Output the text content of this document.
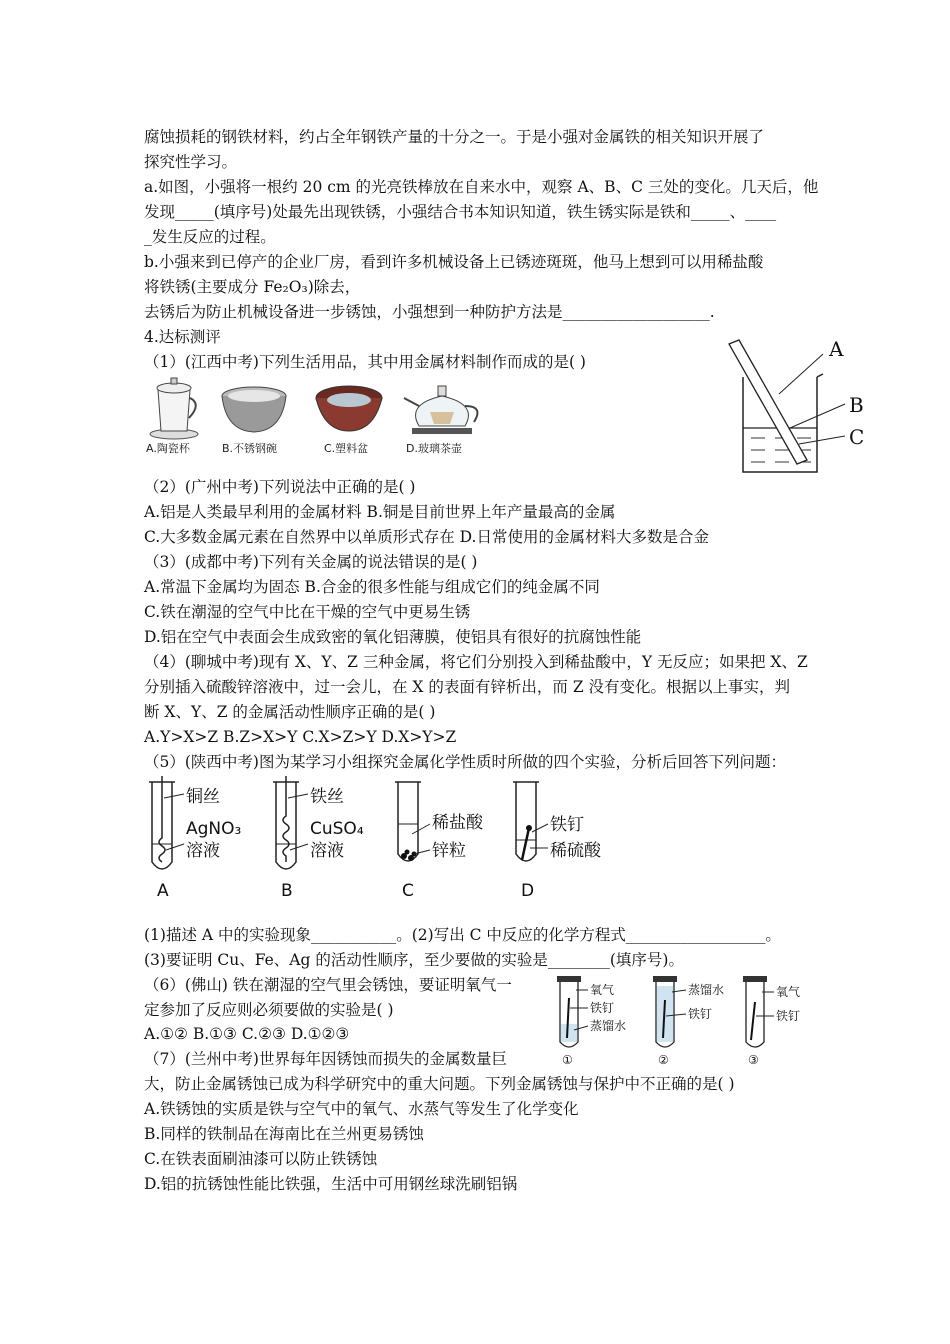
腐蚀损耗的钢铁材料，约占全年钢铁产量的十分之一。于是小强对金属铁的相关知识开展了
探究性学习。
a.如图，小强将一根约 20 cm 的光亮铁棒放在自来水中，观察 A、B、C 三处的变化。几天后，他
发现_____(填序号)处最先出现铁锈，小强结合书本知识知道，铁生锈实际是铁和_____、____
_发生反应的过程。
b.小强来到已停产的企业厂房，看到许多机械设备上已锈迹斑斑，他马上想到可以用稀盐酸
将铁锈(主要成分 Fe₂O₃)除去，
去锈后为防止机械设备进一步锈蚀，小强想到一种防护方法是___________________.
4.达标测评
（1）(江西中考)下列生活用品，其中用金属材料制作而成的是( )
A.陶瓷杯	B.不锈钢碗	C.塑料盆	D.玻璃茶壶
A
B
C
（2）(广州中考)下列说法中正确的是( )
A.铝是人类最早利用的金属材料 B.铜是目前世界上年产量最高的金属
C.大多数金属元素在自然界中以单质形式存在 D.日常使用的金属材料大多数是合金
（3）(成都中考)下列有关金属的说法错误的是( )
A.常温下金属均为固态 B.合金的很多性能与组成它们的纯金属不同
C.铁在潮湿的空气中比在干燥的空气中更易生锈
D.铝在空气中表面会生成致密的氧化铝薄膜，使铝具有很好的抗腐蚀性能
（4）(聊城中考)现有 X、Y、Z 三种金属，将它们分别投入到稀盐酸中，Y 无反应；如果把 X、Z
分别插入硫酸锌溶液中，过一会儿，在 X 的表面有锌析出，而 Z 没有变化。根据以上事实，判
断 X、Y、Z 的金属活动性顺序正确的是( )
A.Y>X>Z B.Z>X>Y C.X>Z>Y D.X>Y>Z
（5）(陕西中考)图为某学习小组探究金属化学性质时所做的四个实验，分析后回答下列问题：
铜丝
AgNO₃
溶液
A
铁丝
CuSO₄
溶液
B
稀盐酸
锌粒
C
铁钉
稀硫酸
D
(1)描述 A 中的实验现象___________。(2)写出 C 中反应的化学方程式__________________。
(3)要证明 Cu、Fe、Ag 的活动性顺序，至少要做的实验是________(填序号)。
（6）(佛山) 铁在潮湿的空气里会锈蚀，要证明氧气一
定参加了反应则必须要做的实验是( )
A.①② B.①③ C.②③ D.①②③
氧气
铁钉
蒸馏水
①
蒸馏水
铁钉
②
氧气
铁钉
③
（7）(兰州中考)世界每年因锈蚀而损失的金属数量巨
大，防止金属锈蚀已成为科学研究中的重大问题。下列金属锈蚀与保护中不正确的是( )
A.铁锈蚀的实质是铁与空气中的氧气、水蒸气等发生了化学变化
B.同样的铁制品在海南比在兰州更易锈蚀
C.在铁表面刷油漆可以防止铁锈蚀
D.铝的抗锈蚀性能比铁强，生活中可用钢丝球洗刷铝锅
